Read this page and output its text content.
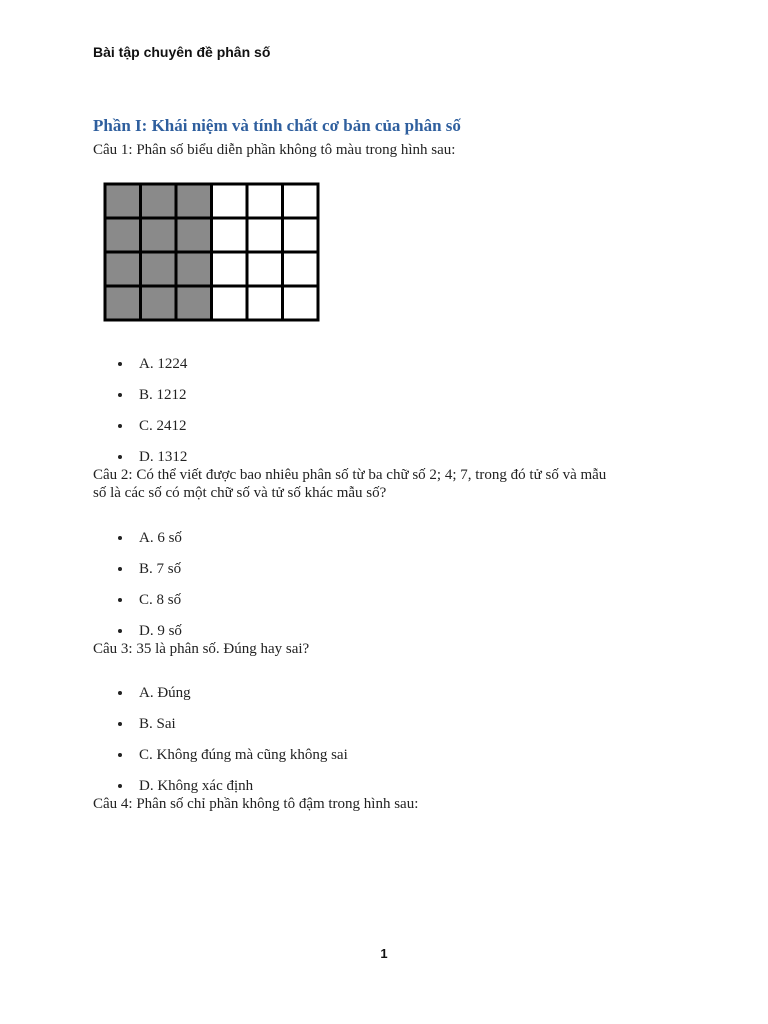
Bài tập chuyên đề phân số
Phần I: Khái niệm và tính chất cơ bản của phân số
Câu 1: Phân số biểu diễn phần không tô màu trong hình sau:
A. 1224
B. 1212
C. 2412
D. 1312
Câu 2: Có thể viết được bao nhiêu phân số từ ba chữ số 2; 4; 7, trong đó tử số và mẫu
số là các số có một chữ số và tử số khác mẫu số?
A. 6 số
B. 7 số
C. 8 số
D. 9 số
Câu 3: 35 là phân số. Đúng hay sai?
A. Đúng
B. Sai
C. Không đúng mà cũng không sai
D. Không xác định
Câu 4: Phân số chỉ phần không tô đậm trong hình sau:
1
